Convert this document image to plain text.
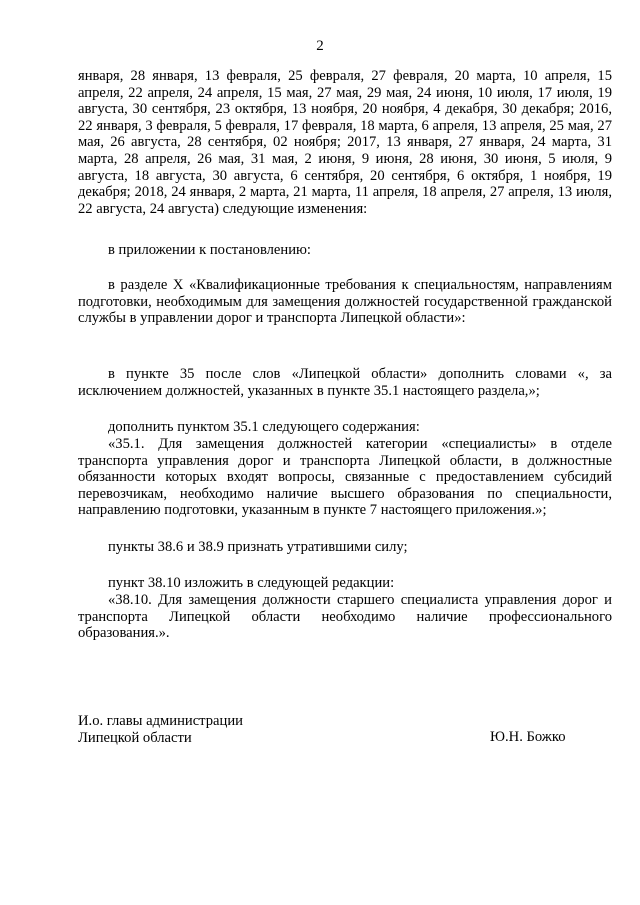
2

января, 28 января, 13 февраля, 25 февраля, 27 февраля, 20 марта, 10 апреля, 15 апреля, 22 апреля, 24 апреля, 15 мая, 27 мая, 29 мая, 24 июня, 10 июля, 17 июля, 19 августа, 30 сентября, 23 октября, 13 ноября, 20 ноября, 4 декабря, 30 декабря; 2016, 22 января, 3 февраля, 5 февраля, 17 февраля, 18 марта, 6 апреля, 13 апреля, 25 мая, 27 мая, 26 августа, 28 сентября, 02 ноября; 2017, 13 января, 27 января, 24 марта, 31 марта, 28 апреля, 26 мая, 31 мая, 2 июня, 9 июня, 28 июня, 30 июня, 5 июля, 9 августа, 18 августа, 30 августа, 6 сентября, 20 сентября, 6 октября, 1 ноября, 19 декабря; 2018, 24 января, 2 марта, 21 марта, 11 апреля, 18 апреля, 27 апреля, 13 июля, 22 августа, 24 августа) следующие изменения:

в приложении к постановлению:

в разделе X «Квалификационные требования к специальностям, направлениям подготовки, необходимым для замещения должностей государственной гражданской службы в управлении дорог и транспорта Липецкой области»:

в пункте 35 после слов «Липецкой области» дополнить словами «, за исключением должностей, указанных в пункте 35.1 настоящего раздела,»;

дополнить пунктом 35.1 следующего содержания:

«35.1. Для замещения должностей категории «специалисты» в отделе транспорта управления дорог и транспорта Липецкой области, в должностные обязанности которых входят вопросы, связанные с предоставлением субсидий перевозчикам, необходимо наличие высшего образования по специальности, направлению подготовки, указанным в пункте 7 настоящего приложения.»;

пункты 38.6 и 38.9 признать утратившими силу;

пункт 38.10 изложить в следующей редакции:

«38.10. Для замещения должности старшего специалиста управления дорог и транспорта Липецкой области необходимо наличие профессионального образования.».

И.о. главы администрации
Липецкой области	Ю.Н. Божко
